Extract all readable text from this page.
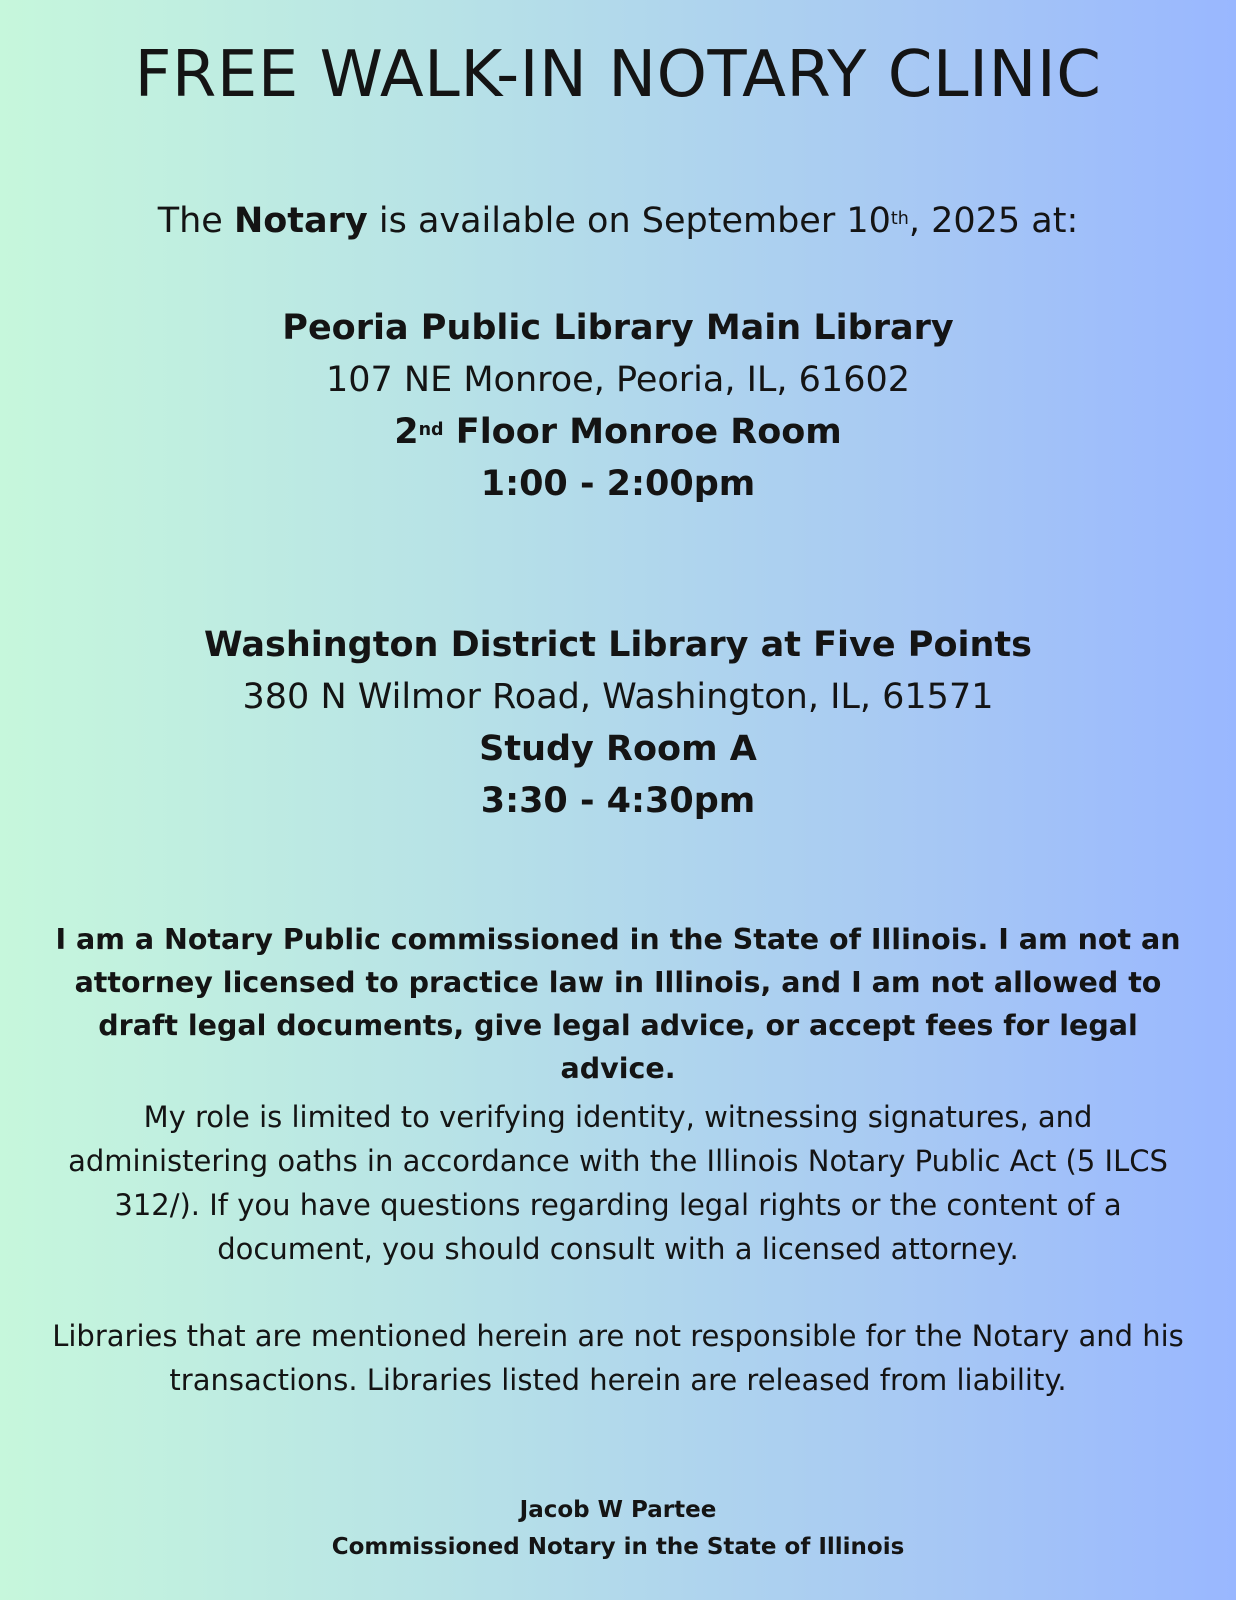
FREE WALK-IN NOTARY CLINIC
The Notary is available on September 10th, 2025 at:
Peoria Public Library Main Library
107 NE Monroe, Peoria, IL, 61602
2nd Floor Monroe Room
1:00 - 2:00pm
Washington District Library at Five Points
380 N Wilmor Road, Washington, IL, 61571
Study Room A
3:30 - 4:30pm
I am a Notary Public commissioned in the State of Illinois. I am not an attorney licensed to practice law in Illinois, and I am not allowed to draft legal documents, give legal advice, or accept fees for legal advice.
My role is limited to verifying identity, witnessing signatures, and administering oaths in accordance with the Illinois Notary Public Act (5 ILCS 312/). If you have questions regarding legal rights or the content of a document, you should consult with a licensed attorney.
Libraries that are mentioned herein are not responsible for the Notary and his transactions. Libraries listed herein are released from liability.
Jacob W Partee
Commissioned Notary in the State of Illinois
